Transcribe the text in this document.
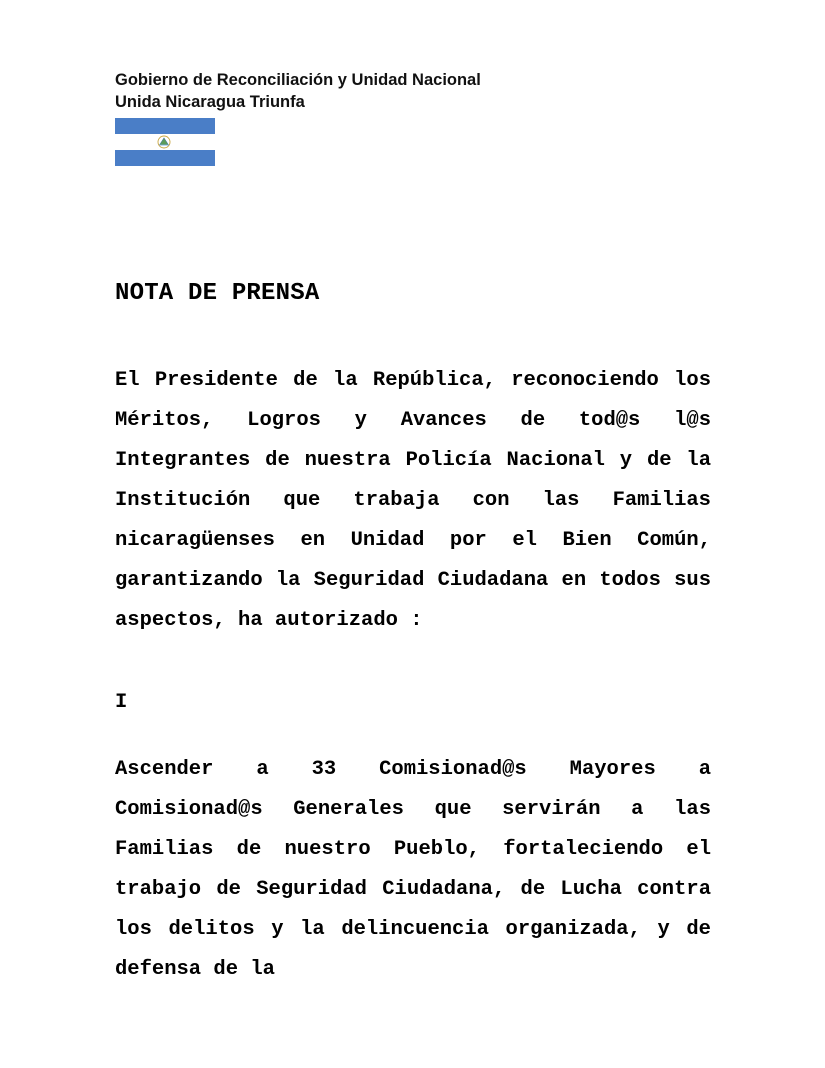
Gobierno de Reconciliación y Unidad Nacional
Unida Nicaragua Triunfa
NOTA DE PRENSA
El Presidente de la República, reconociendo los Méritos, Logros y Avances de tod@s l@s Integrantes de nuestra Policía Nacional y de la Institución que trabaja con las Familias nicaragüenses en Unidad por el Bien Común, garantizando la Seguridad Ciudadana en todos sus aspectos, ha autorizado :
I
Ascender a 33 Comisionad@s Mayores a Comisionad@s Generales que servirán a las Familias de nuestro Pueblo, fortaleciendo el trabajo de Seguridad Ciudadana, de Lucha contra los delitos y la delincuencia organizada, y de defensa de la
